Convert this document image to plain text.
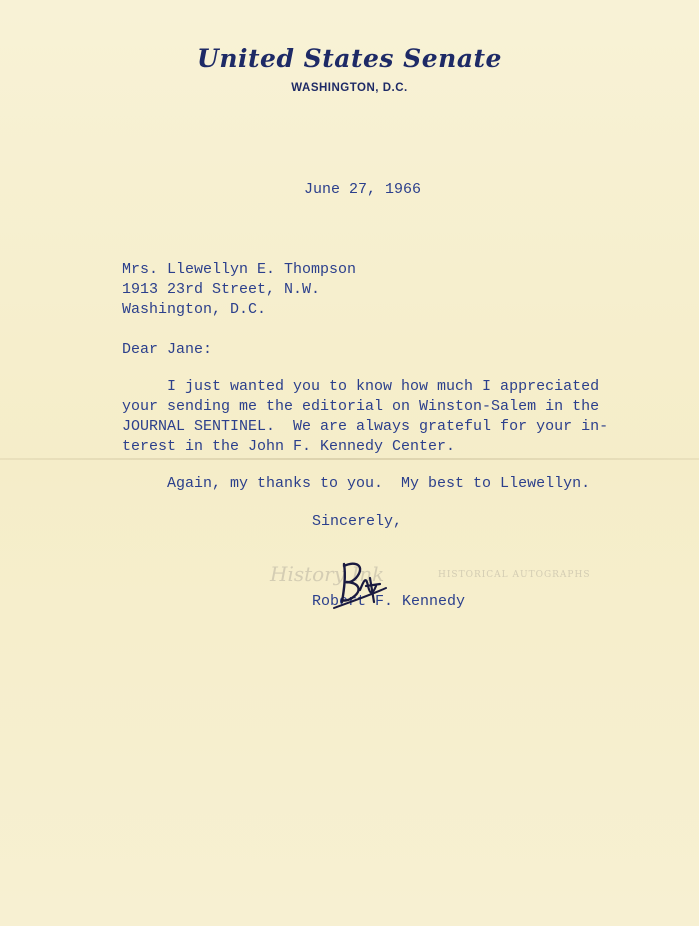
United States Senate
WASHINGTON, D.C.
June 27, 1966
Mrs. Llewellyn E. Thompson
1913 23rd Street, N.W.
Washington, D.C.
Dear Jane:
I just wanted you to know how much I appreciated
your sending me the editorial on Winston-Salem in the
JOURNAL SENTINEL.  We are always grateful for your in-
terest in the John F. Kennedy Center.
Again, my thanks to you.  My best to Llewellyn.
Sincerely,
History Ink	HISTORICAL AUTOGRAPHS
Robert F. Kennedy
